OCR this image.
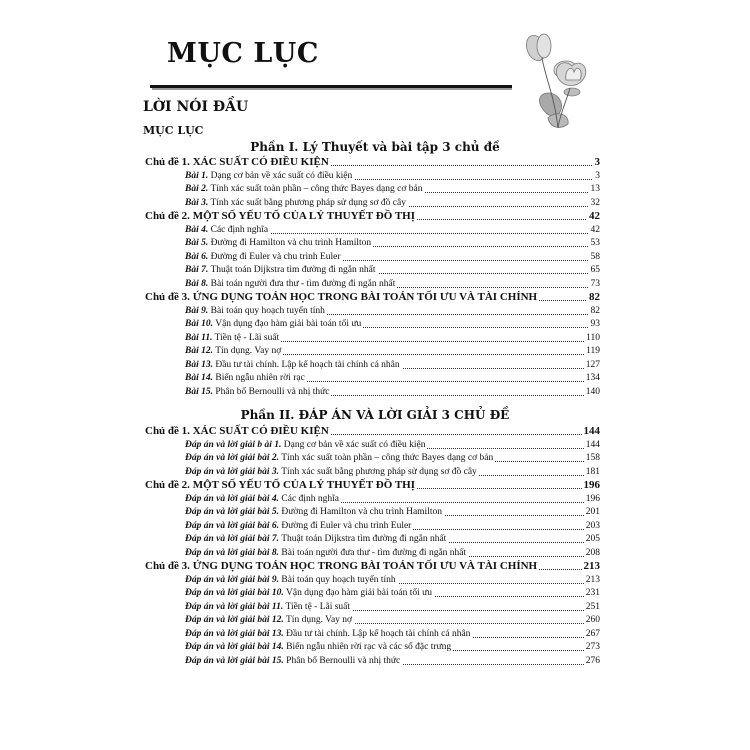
MỤC LỤC
LỜI NÓI ĐẦU
MỤC LỤC
Phần I. Lý Thuyết và bài tập 3 chủ đề
Chủ đề 1. XÁC SUẤT CÓ ĐIỀU KIỆN	3
Bài 1. Dạng cơ bản về xác suất có điều kiện	3
Bài 2. Tính xác suất toàn phần – công thức Bayes dạng cơ bản	13
Bài 3. Tính xác suất bằng phương pháp sử dụng sơ đồ cây	32
Chủ đề 2. MỘT SỐ YẾU TỐ CỦA LÝ THUYẾT ĐỒ THỊ	42
Bài 4. Các định nghĩa	42
Bài 5. Đường đi Hamilton và chu trình Hamilton	53
Bài 6. Đường đi Euler và chu trình Euler	58
Bài 7. Thuật toán Dijkstra tìm đường đi ngắn nhất	65
Bài 8. Bài toán người đưa thư - tìm đường đi ngắn nhất	73
Chủ đề 3. ỨNG DỤNG TOÁN HỌC TRONG BÀI TOÁN TỐI ƯU VÀ TÀI CHÍNH	82
Bài 9. Bài toán quy hoạch tuyến tính	82
Bài 10. Vận dụng đạo hàm giải bài toán tối ưu	93
Bài 11. Tiền tệ - Lãi suất	110
Bài 12. Tín dụng. Vay nợ	119
Bài 13. Đầu tư tài chính. Lập kế hoạch tài chính cá nhân	127
Bài 14. Biến ngẫu nhiên rời rạc	134
Bài 15. Phân bố Bernoulli và nhị thức	140
Phần II. ĐÁP ÁN VÀ LỜI GIẢI 3 CHỦ ĐỀ
Chủ đề 1. XÁC SUẤT CÓ ĐIỀU KIỆN	144
Đáp án và lời giải b ài 1. Dạng cơ bản về xác suất có điều kiện	144
Đáp án và lời giải bài 2. Tính xác suất toàn phần – công thức Bayes dạng cơ bản	158
Đáp án và lời giải bài 3. Tính xác suất bằng phương pháp sử dụng sơ đồ cây	181
Chủ đề 2. MỘT SỐ YẾU TỐ CỦA LÝ THUYẾT ĐỒ THỊ	196
Đáp án và lời giải bài 4. Các định nghĩa	196
Đáp án và lời giải bài 5. Đường đi Hamilton và chu trình Hamilton	201
Đáp án và lời giải bài 6. Đường đi Euler và chu trình Euler	203
Đáp án và lời giải bài 7. Thuật toán Dijkstra tìm đường đi ngắn nhất	205
Đáp án và lời giải bài 8. Bài toán người đưa thư - tìm đường đi ngắn nhất	208
Chủ đề 3. ỨNG DỤNG TOÁN HỌC TRONG BÀI TOÁN TỐI ƯU VÀ TÀI CHÍNH	213
Đáp án và lời giải bài 9. Bài toán quy hoạch tuyến tính	213
Đáp án và lời giải bài 10. Vận dụng đạo hàm giải bài toán tối ưu	231
Đáp án và lời giải bài 11. Tiền tệ - Lãi suất	251
Đáp án và lời giải bài 12. Tín dụng. Vay nợ	260
Đáp án và lời giải bài 13. Đầu tư tài chính. Lập kế hoạch tài chính cá nhân	267
Đáp án và lời giải bài 14. Biến ngẫu nhiên rời rạc và các số đặc trưng	273
Đáp án và lời giải bài 15. Phân bố Bernoulli và nhị thức	276
